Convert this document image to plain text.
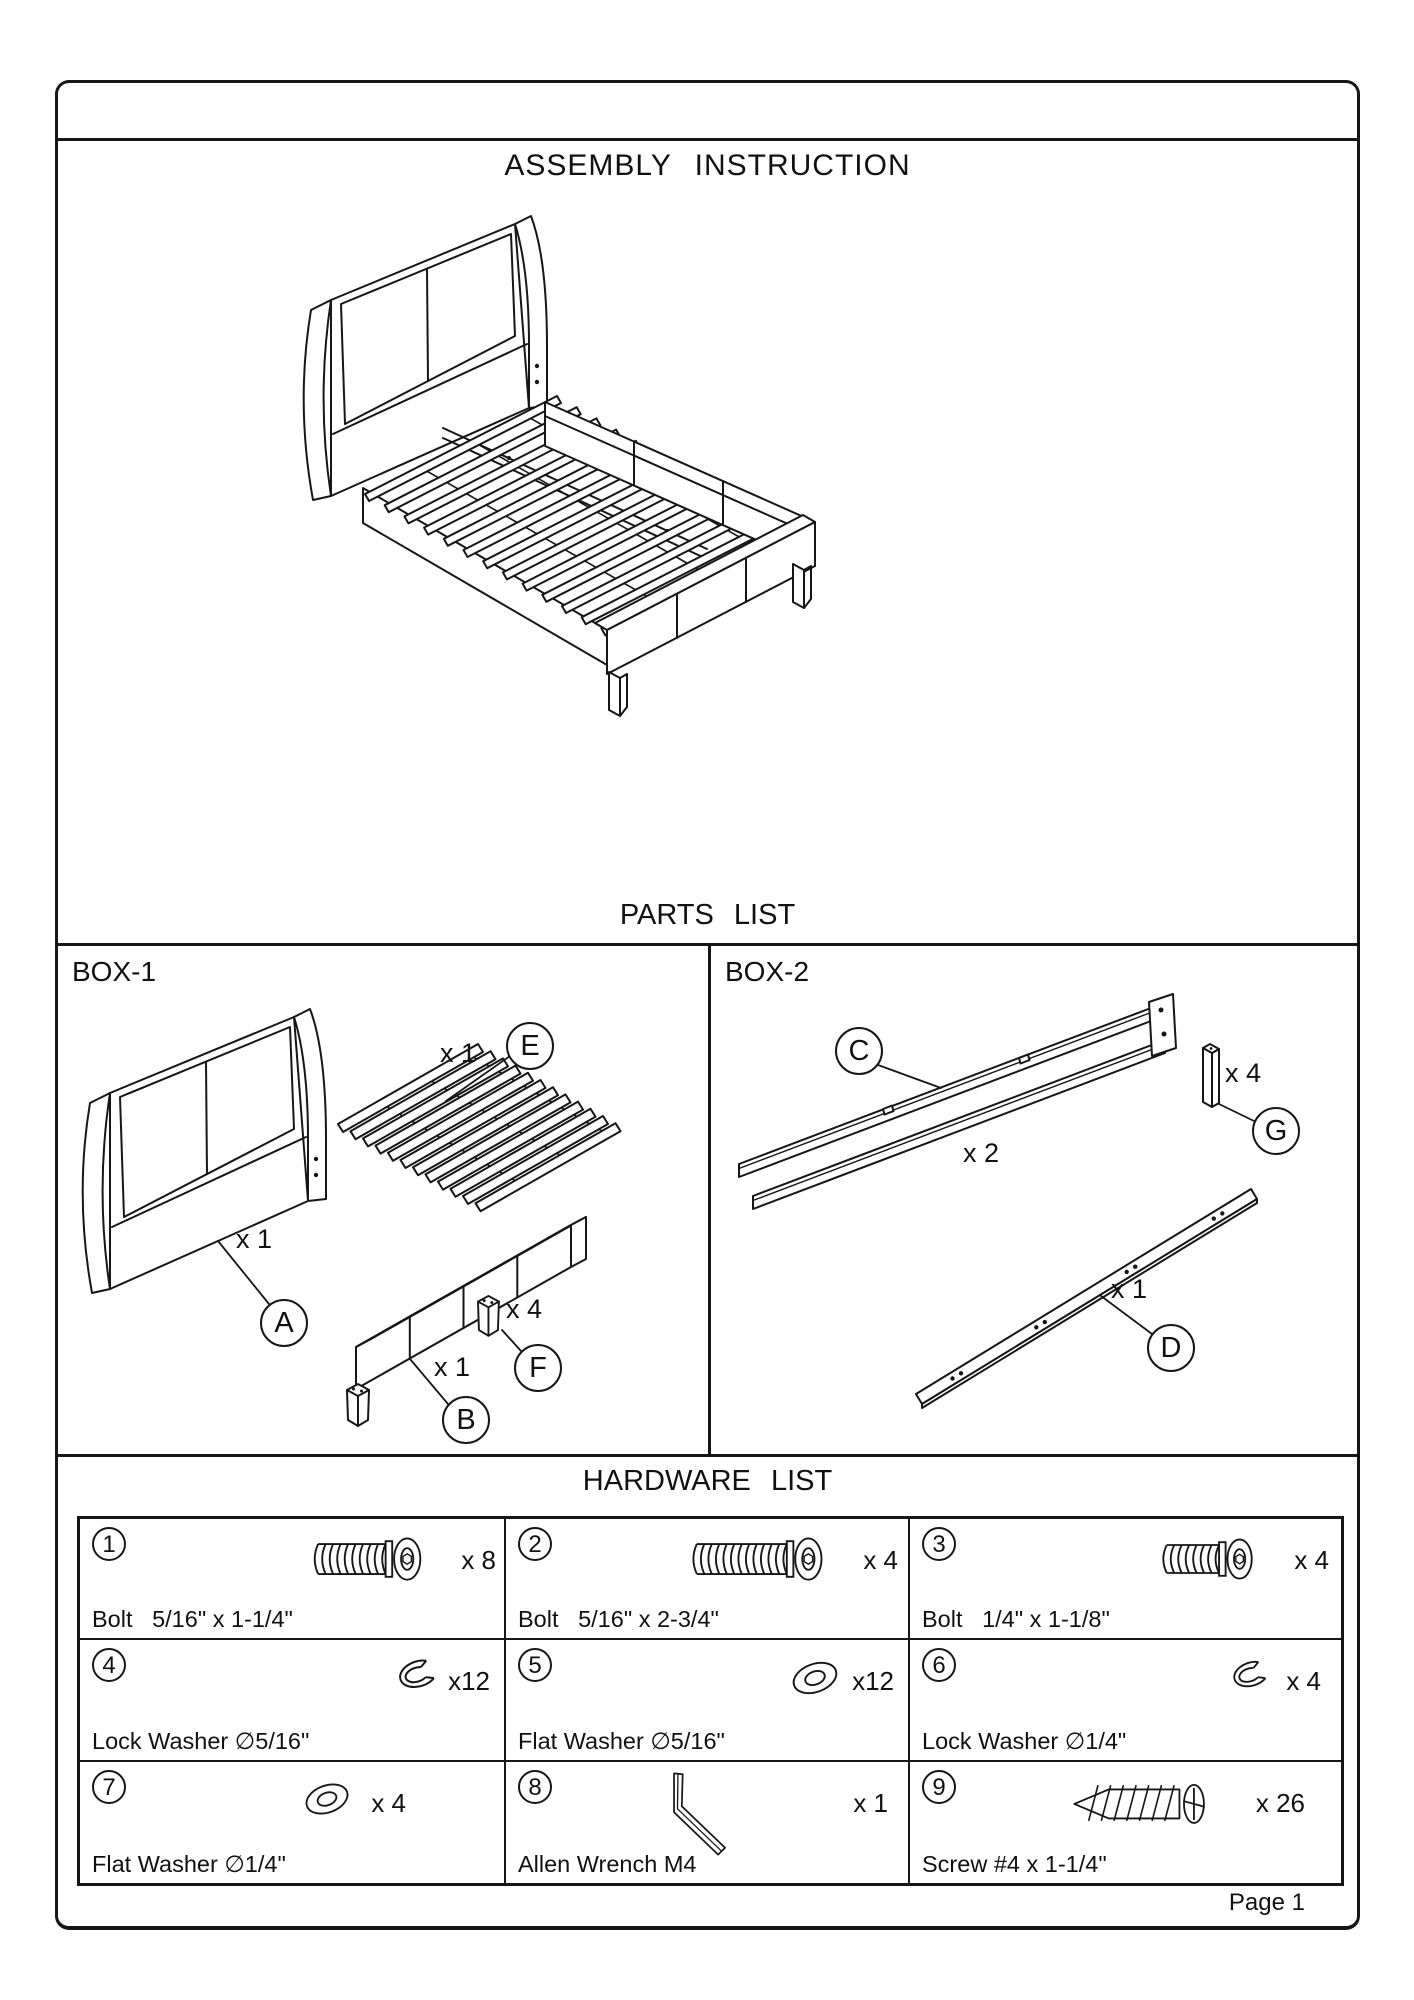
ASSEMBLY INSTRUCTION
PARTS LIST
BOX-1
x 1
A
x 1	E
x 1
B
x 4
F
BOX-2
C
x 2
x 4
G
x 1
D
HARDWARE LIST
1
x 8
Bolt   5/16" x 1-1/4"
2
x 4
Bolt   5/16" x 2-3/4"
3
x 4
Bolt   1/4" x 1-1/8"
4
x12
Lock Washer ∅5/16"
5
x12
Flat Washer ∅5/16"
6
x 4
Lock Washer ∅1/4"
7
x 4
Flat Washer ∅1/4"
8
x 1
Allen Wrench M4
9
x 26
Screw #4 x 1-1/4"
Page 1
